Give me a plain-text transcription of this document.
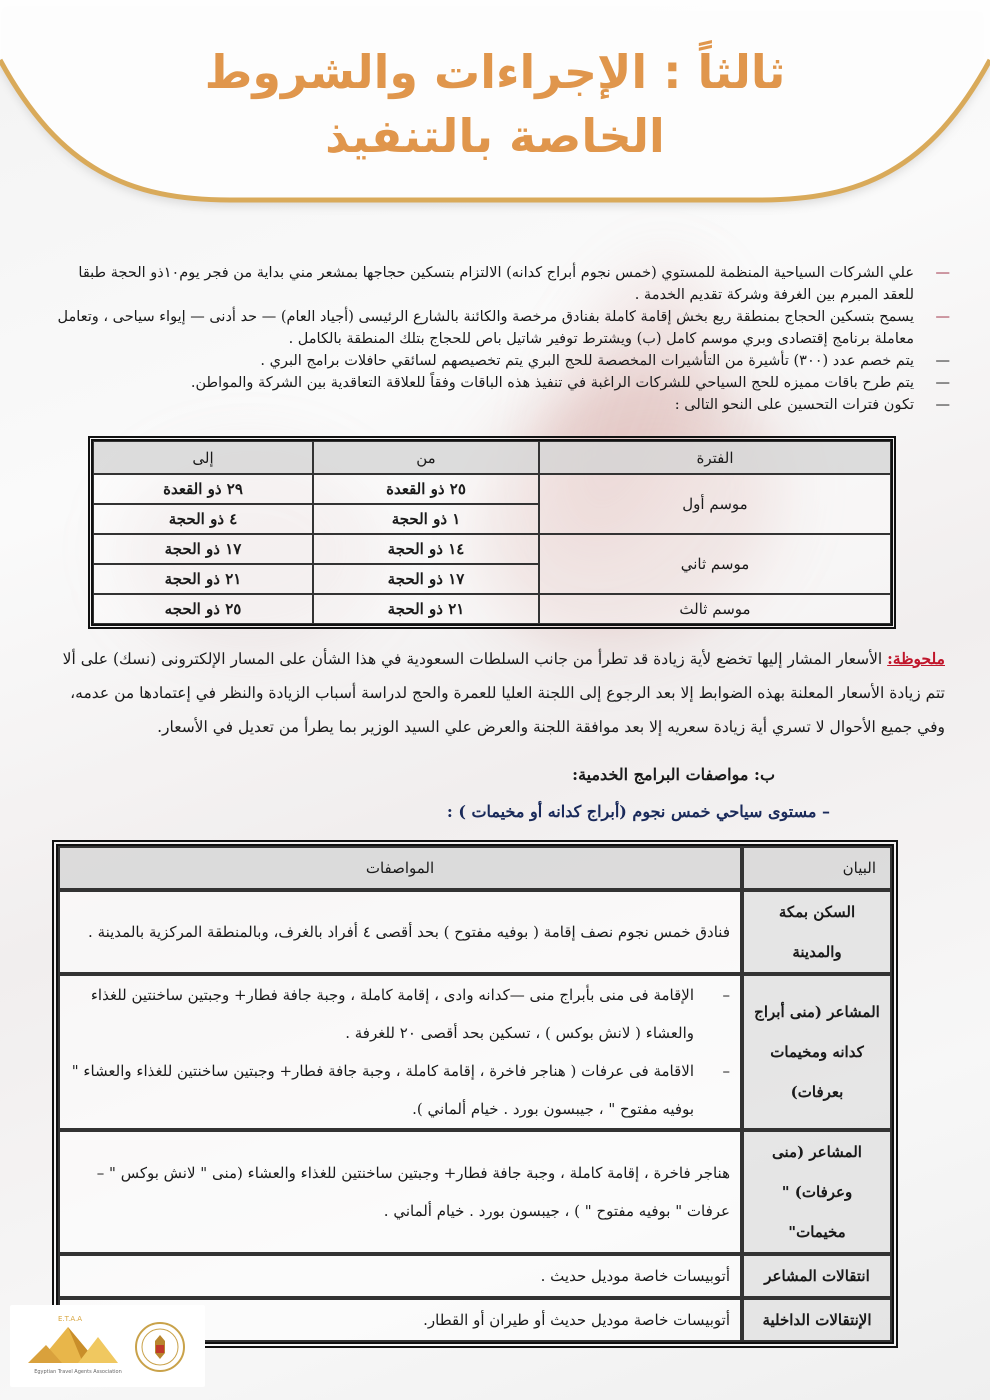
ثالثاً : الإجراءات والشروط
الخاصة بالتنفيذ
—
علي الشركات السياحية المنظمة للمستوي (خمس نجوم أبراج كدانه) الالتزام بتسكين حجاجها بمشعر مني بداية من فجر يوم١٠ذو الحجة طبقا للعقد المبرم بين الغرفة وشركة تقديم الخدمة .
—
يسمح بتسكين الحجاج بمنطقة ريع بخش إقامة كاملة بفنادق مرخصة والكائنة بالشارع الرئيسى (أجياد العام) — حد أدنى — إيواء سياحى ، وتعامل معاملة برنامج إقتصادى وبري موسم كامل (ب) ويشترط توفير شاتيل باص للحجاج بتلك المنطقة بالكامل .
—
يتم خصم عدد (٣٠٠) تأشيرة من التأشيرات المخصصة للحج البري يتم تخصيصهم لسائقي حافلات برامج البري .
—
يتم طرح باقات مميزه للحج السياحي للشركات الراغبة في تنفيذ هذه الباقات وفقاً للعلاقة التعاقدية بين الشركة والمواطن.
—
تكون فترات التحسين على النحو التالى :
الفترة	من	إلى
موسم أول	٢٥ ذو القعدة	٢٩ ذو القعدة
	١ ذو الحجة	٤ ذو الحجة
موسم ثاني	١٤ ذو الحجة	١٧ ذو الحجة
	١٧ ذو الحجة	٢١ ذو الحجة
موسم ثالث	٢١ ذو الحجة	٢٥ ذو الحجه
ملحوظة: الأسعار المشار إليها تخضع لأية زيادة قد تطرأ من جانب السلطات السعودية في هذا الشأن على المسار الإلكترونى (نسك) على ألا تتم زيادة الأسعار المعلنة بهذه الضوابط إلا بعد الرجوع إلى اللجنة العليا للعمرة والحج لدراسة أسباب الزيادة والنظر في إعتمادها من عدمه، وفي جميع الأحوال لا تسري أية زيادة سعريه إلا بعد موافقة اللجنة والعرض علي السيد الوزير بما يطرأ من تعديل في الأسعار.
ب: مواصفات البرامج الخدمية:
– مستوى سياحي خمس نجوم (أبراج كدانه أو مخيمات ) :
البيان	المواصفات
السكن بمكة والمدينة	فنادق خمس نجوم نصف إقامة ( بوفيه مفتوح ) بحد أقصى ٤ أفراد بالغرف، وبالمنطقة المركزية بالمدينة .

المشاعر (منى أبراج كدانه ومخيمات بعرفات)	–
الإقامة فى منى بأبراج منى —كدانه وادى ، إقامة كاملة ، وجبة جافة فطار+ وجبتين ساخنتين للغذاء والعشاء ( لانش بوكس ) ، تسكين بحد أقصى ٢٠ للغرفة .
–
الاقامة فى عرفات ( هناجر فاخرة ، إقامة كاملة ، وجبة جافة فطار+ وجبتين ساخنتين للغذاء والعشاء " بوفيه مفتوح " ، جيبسون بورد . خيام ألماني ).

المشاعر (منى وعرفات) " مخيمات"	هناجر فاخرة ، إقامة كاملة ، وجبة جافة فطار+ وجبتين ساخنتين للغذاء والعشاء (منى " لانش بوكس " – عرفات " بوفيه مفتوح " ) ، جيبسون بورد . خيام ألماني .

انتقالات المشاعر	أتوبيسات خاصة موديل حديث .

الإنتقالات الداخلية	أتوبيسات خاصة موديل حديث أو طيران أو القطار.
E.T.A.A
Egyptian Travel Agents Association
